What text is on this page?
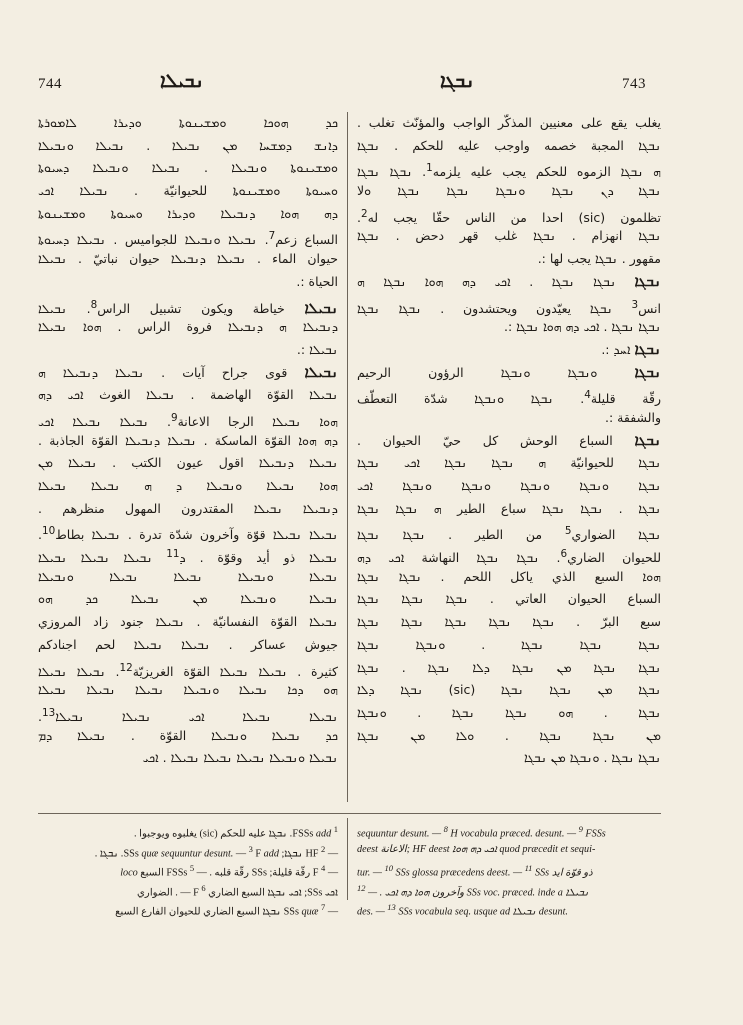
744	ܢܒܝܠܐ	ܢܒܓܐ	743
ܟܕ ܗܘܟܐ ܘܡܫܝܢܘܬܐ ܘܕܝܪܐ ܠܐܡܘܪܬܐ
ܕܐܢܫ ܕܡܫܚܐ ܡܢ ܢܒܝܠܐ . ܢܒܝܠܐ ܘܢܒܝܠܐ
ܘܡܫܝܢܘܬܐ ܘܢܒܝܠܐ . ܢܒܝܠܐ ܘܢܒܝܠܐ ܕܚܝܘܬܐ
ܘܚܝܘܬܐ ܘܡܫܝܢܘܬܐ للحيوانيّة . ܢܒܝܠܐ ܐܟܝ
ܕܗ ܗܘܐ ܕܢܒܝܠܐ ܘܕܝܪܐ ܘܚܝܘܬܐ ܘܡܫܝܢܘܬܐ
السباع زعم$^7$. ܢܒܝܠܐ ܘܢܒܝܠܐ للجواميس . ܢܒܝܠܐ ܕܚܝܘܬܐ
حيوان الماء . ܢܒܝܠܐ ܕܢܒܝܠܐ حيوان نباتيّ . ܢܒܝܠܐ
الحياة :.
ܢܒܝܠܐ خياطة ويكون تشبيل الراس$^8$. ܢܒܝܠܐ
ܕܢܒܝܠܐ ܗ ܕܢܒܝܠܐ فروة الراس . ܗܘܐ ܢܒܝܠܐ
ܢܒܝܠܐ :.
ܢܒܝܠܐ قوى جراح آيات . ܢܒܝܠܐ ܕܢܒܝܠܐ ܗ
ܢܒܝܠܐ القوّة الهاضمة . ܢܒܝܠܐ الغوث ܐܟܝ ܕܗ
ܗܘܐ ܢܒܝܠܐ الرجا الاعانة$^9$. ܢܒܝܠܐ ܢܒܝܠܐ ܐܟܝ
ܕܗ ܗܘܐ القوّة الماسكة . ܢܒܝܠܐ ܕܢܒܝܠܐ القوّة الجاذبة .
ܢܒܝܠܐ ܕܢܒܝܠܐ اقول عيون الكتب . ܢܒܝܠܐ ܡܢ
ܗܘܐ ܢܒܝܠܐ ܘܢܒܝܠܐ ܕ ܗ ܢܒܝܠܐ ܢܒܝܠܐ
ܕܢܒܝܠܐ ܢܒܝܠܐ المقتدرون المهول منظرهم .
ܢܒܝܠܐ ܢܒܝܠܐ قوّة وآخرون شدّة تدرة . ܢܒܝܠܐ بطاط$^{10}$.
ܢܒܝܠܐ ذو أيد وقوّة . ܕ$^{11}$ ܢܒܝܠܐ ܢܒܝܠܐ ܢܒܝܠܐ
ܢܒܝܠܐ ܘܢܒܝܠܐ ܢܒܝܠܐ ܢܒܝܠܐ ܘܢܒܝܠܐ
ܢܒܝܠܐ ܘܢܒܝܠܐ ܡܢ ܢܒܝܠܐ ܟܕ ܗܘ
ܢܒܝܠܐ القوّة النفسانيّة . ܢܒܝܠܐ جنود زاد المروزي
جيوش عساكر . ܢܒܝܠܐ ܢܒܝܠܐ لحم اجنادكم
كثيرة . ܢܒܝܠܐ ܢܒܝܠܐ القوّة الغريزيّة$^{12}$. ܢܒܝܠܐ ܢܒܝܠܐ
ܗܘ ܕܟܐ ܢܒܝܠܐ ܘܢܒܝܠܐ ܢܒܝܠܐ ܢܒܝܠܐ ܢܒܝܠܐ
ܢܒܝܠܐ ܢܒܝܠܐ ܐܟܝ ܢܒܝܠܐ ܢܒܝܠܐ$^{13}$.
ܟܕ ܢܒܝܠܐ ܘܢܒܝܠܐ القوّة . ܢܒܝܠܐ ܕܡ
ܢܒܝܠܐ ܘܢܒܝܠܐ ܢܒܝܠܐ ܢܒܝܠܐ ܢܒܝܠܐ . ܐܟܝ
يغلب يقع على معنيين المذكّر الواجب والمؤنّث تغلب .
ܢܒܓܐ المجبة خصمه واوجب عليه للحكم . ܢܒܓܐ
ܗ ܢܒܓܐ الزموه للحكم يجب عليه يلزمه$^1$. ܢܒܓܐ ܢܒܓܐ
ܢܒܓܐ ܕܢ ܢܒܓܐ ܘܢܒܓܐ ܢܒܓܐ ܢܒܓܐ ܘلا
تظلمون (sic) احدا من الناس حقّا يجب له$^2$.
ܢܒܓܐ انهزام . ܢܒܓܐ غلب قهر دحض . ܢܒܓܐ
مقهور . ܢܒܓܐ يجب لها :.
ܢܒܓܐ ܢܒܓܐ ܢܒܓܐ . ܐܟܝ ܕܗ ܗܘܐ ܢܒܓܐ ܗ
انس$^3$ ܢܒܓܐ يعيّدون ويحتشدون . ܢܒܓܐ ܢܒܓܐ
ܢܒܓܐ ܢܒܓܐ . ܐܟܝ ܕܗ ܗܘܐ ܢܒܓܐ :.
ܢܒܓܐ ܐܚܕ :.
ܢܒܓܐ ܘܢܒܓܐ ܘܢܒܓܐ الرؤون الرحيم
رقّة قليلة$^4$. ܢܒܓܐ ܘܢܒܓܐ شدّة التعطّف
والشفقة :.
ܢܒܓܐ السباع الوحش كل حيّ الحيوان .
ܢܒܓܐ للحيوانيّة ܗ ܢܒܓܐ ܢܒܓܐ ܐܟܝ ܢܒܓܐ
ܢܒܓܐ ܘܢܒܓܐ ܘܢܒܓܐ ܘܢܒܓܐ ܘܢܒܓܐ ܐܟܝ
ܢܒܓܐ . ܢܒܓܐ ܢܒܓܐ سباع الطير ܗ ܢܒܓܐ ܢܒܓܐ
ܢܒܓܐ الضواري$^5$ من الطير . ܢܒܓܐ ܢܒܓܐ
للحيوان الضاري$^6$. ܢܒܓܐ ܢܒܓܐ النهاشة ܐܟܝ ܕܗ
ܗܘܐ السبع الذي ياكل اللحم . ܢܒܓܐ ܢܒܓܐ
السباع الحيوان العاتي . ܢܒܓܐ ܢܒܓܐ ܢܒܓܐ
سبع البرّ . ܢܒܓܐ ܢܒܓܐ ܢܒܓܐ ܢܒܓܐ ܢܒܓܐ
ܢܒܓܐ ܢܒܓܐ ܢܒܓܐ . ܘܢܒܓܐ ܢܒܓܐ
ܢܒܓܐ ܢܒܓܐ ܡܢ ܢܒܓܐ ܕܠܐ ܢܒܓܐ . ܢܒܓܐ
ܢܒܓܐ ܡܢ ܢܒܓܐ ܢܒܓܐ (sic) ܢܒܓܐ ܕܠܐ
ܢܒܓܐ . ܗܘ ܢܒܓܐ ܢܒܓܐ . ܘܢܒܓܐ
ܡܢ ܢܒܓܐ ܢܒܓܐ . ܘܠܐ ܡܢ ܢܒܓܐ
ܢܒܓܐ ܢܒܓܐ . ܘܢܒܓܐ ܡܢ ܢܒܓܐ
$^1$ FSSs add. ܢܒܓܐ عليه للحكم (sic) يغلبوه ويوجبوا .
— $^2$ HF ܢܒܓܐ; SSs quæ sequuntur desunt. — $^3$ F add. ܢܒܓܐ .
— $^4$ F رقّة قليلة; SSs رقّة قلبه . — $^5$ FSSs السبع loco
ܐܟܝ SSs; ܐܟܝ ܢܒܓܐ السبع الضاري F $^6$ — . الضواري
— $^7$ SSs quæ ܢܒܓܐ السبع الضاري للحيوان الفارع السبع
sequuntur desunt. — $^8$ H vocabula præced. desunt. — $^9$ FSSs
deest الاعانة; HF deest ܐܟܝ ܕܗ ܗܘܐ quod præcedit et sequi-
tur. — $^{10}$ SSs glossa præcedens deest. — $^{11}$ SSs ذو قوّة ايد
وآخرون ܗܘܐ ܕܗ ܐܟܝ . — $^{12}$	SSs voc. præced. inde a ܢܒܝܠܐ
des. — $^{13}$ SSs vocabula seq. usque ad ܢܒܝܠܐ desunt.
